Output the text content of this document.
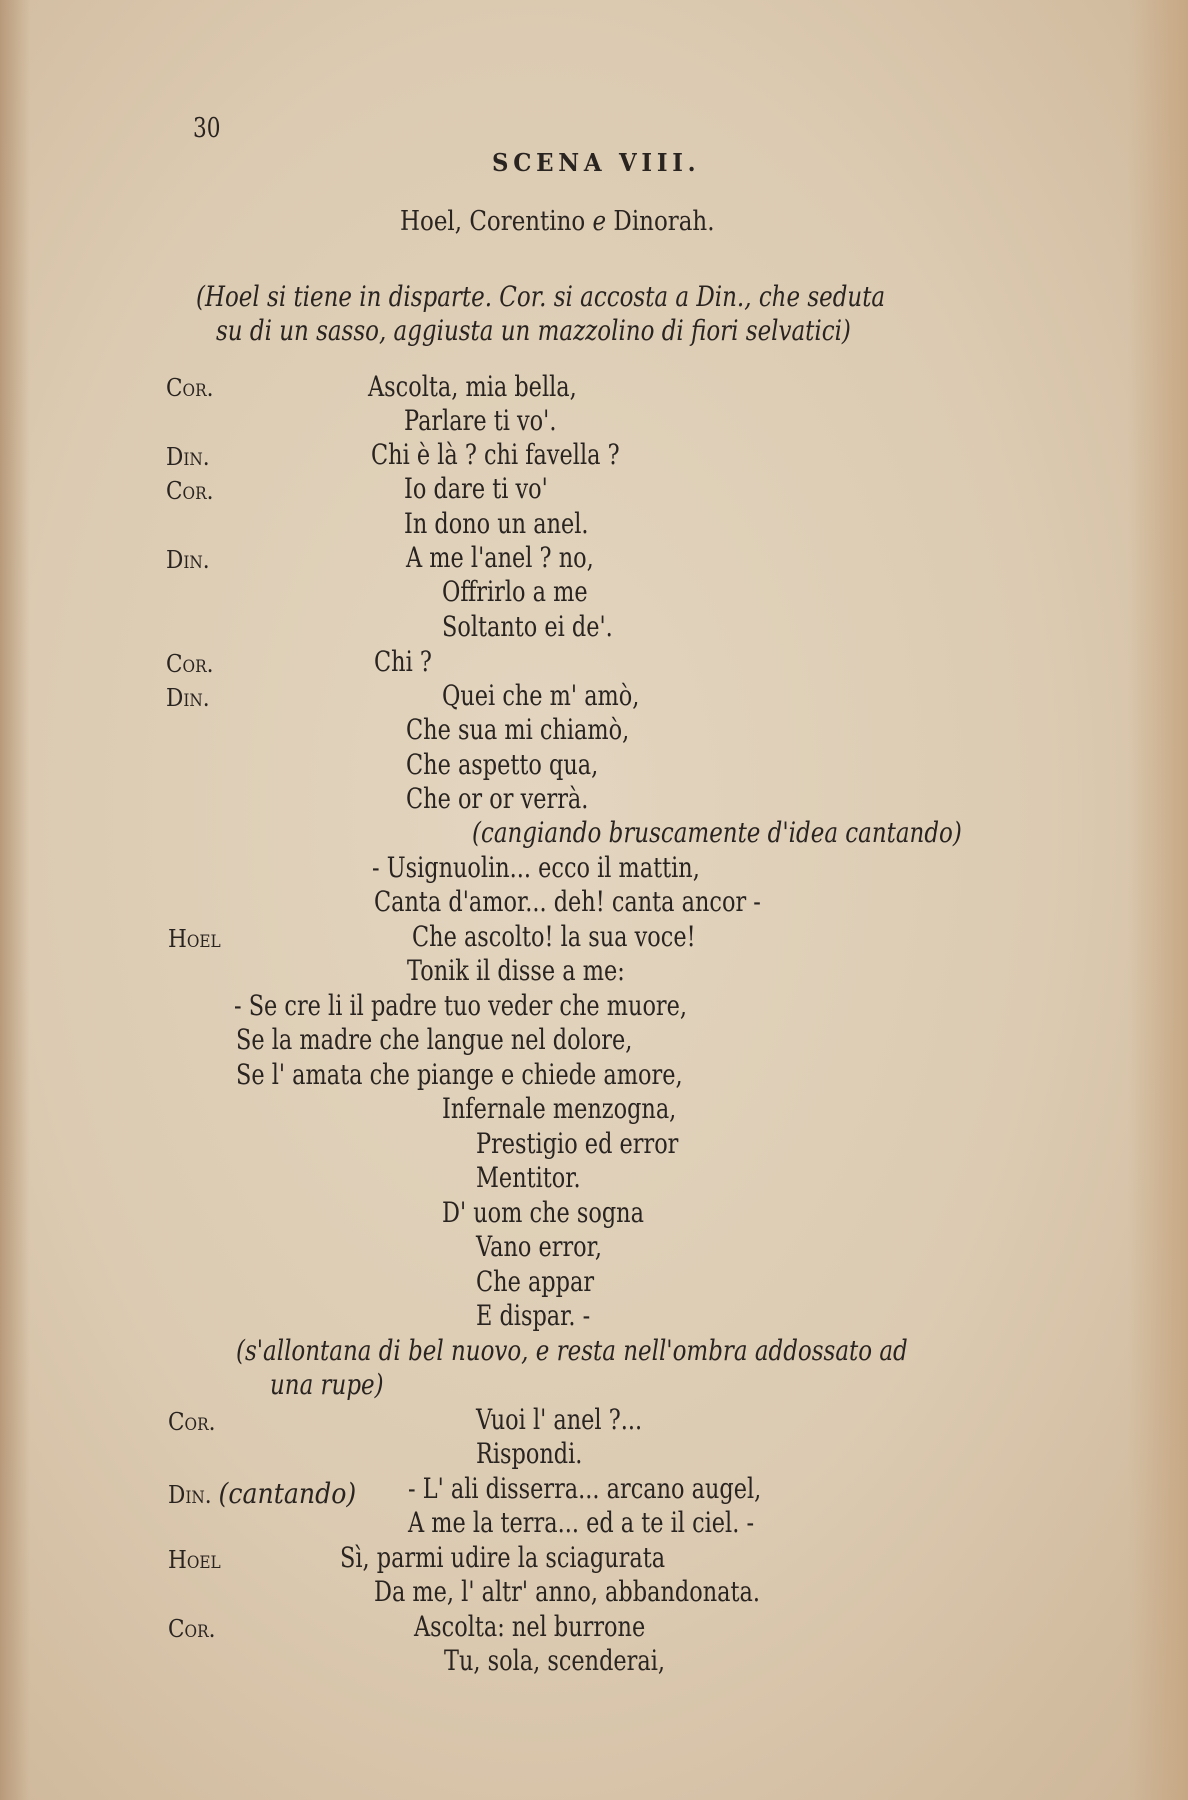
30
SCENA VIII.
Hoel, Corentino e Dinorah.
(Hoel si tiene in disparte. Cor. si accosta a Din., che seduta
su di un sasso, aggiusta un mazzolino di fiori selvatici)
Cor.
Din.
Cor.
Din.
Cor.
Din.
Hoel
Cor.
Din. (cantando)
Hoel
Cor.
Ascolta, mia bella,
Parlare ti vo'.
Chi è là ? chi favella ?
Io dare ti vo'
In dono un anel.
A me l'anel ? no,
Offrirlo a me
Soltanto ei de'.
Chi ?
Quei che m' amò,
Che sua mi chiamò,
Che aspetto qua,
Che or or verrà.
(cangiando bruscamente d'idea cantando)
- Usignuolin... ecco il mattin,
Canta d'amor... deh! canta ancor -
Che ascolto! la sua voce!
Tonik il disse a me:
- Se cre li il padre tuo veder che muore,
Se la madre che langue nel dolore,
Se l' amata che piange e chiede amore,
Infernale menzogna,
Prestigio ed error
Mentitor.
D' uom che sogna
Vano error,
Che appar
E dispar. -
(s'allontana di bel nuovo, e resta nell'ombra addossato ad
una rupe)
Vuoi l' anel ?...
Rispondi.
- L' ali disserra... arcano augel,
A me la terra... ed a te il ciel. -
Sì, parmi udire la sciagurata
Da me, l' altr' anno, abbandonata.
Ascolta: nel burrone
Tu, sola, scenderai,
